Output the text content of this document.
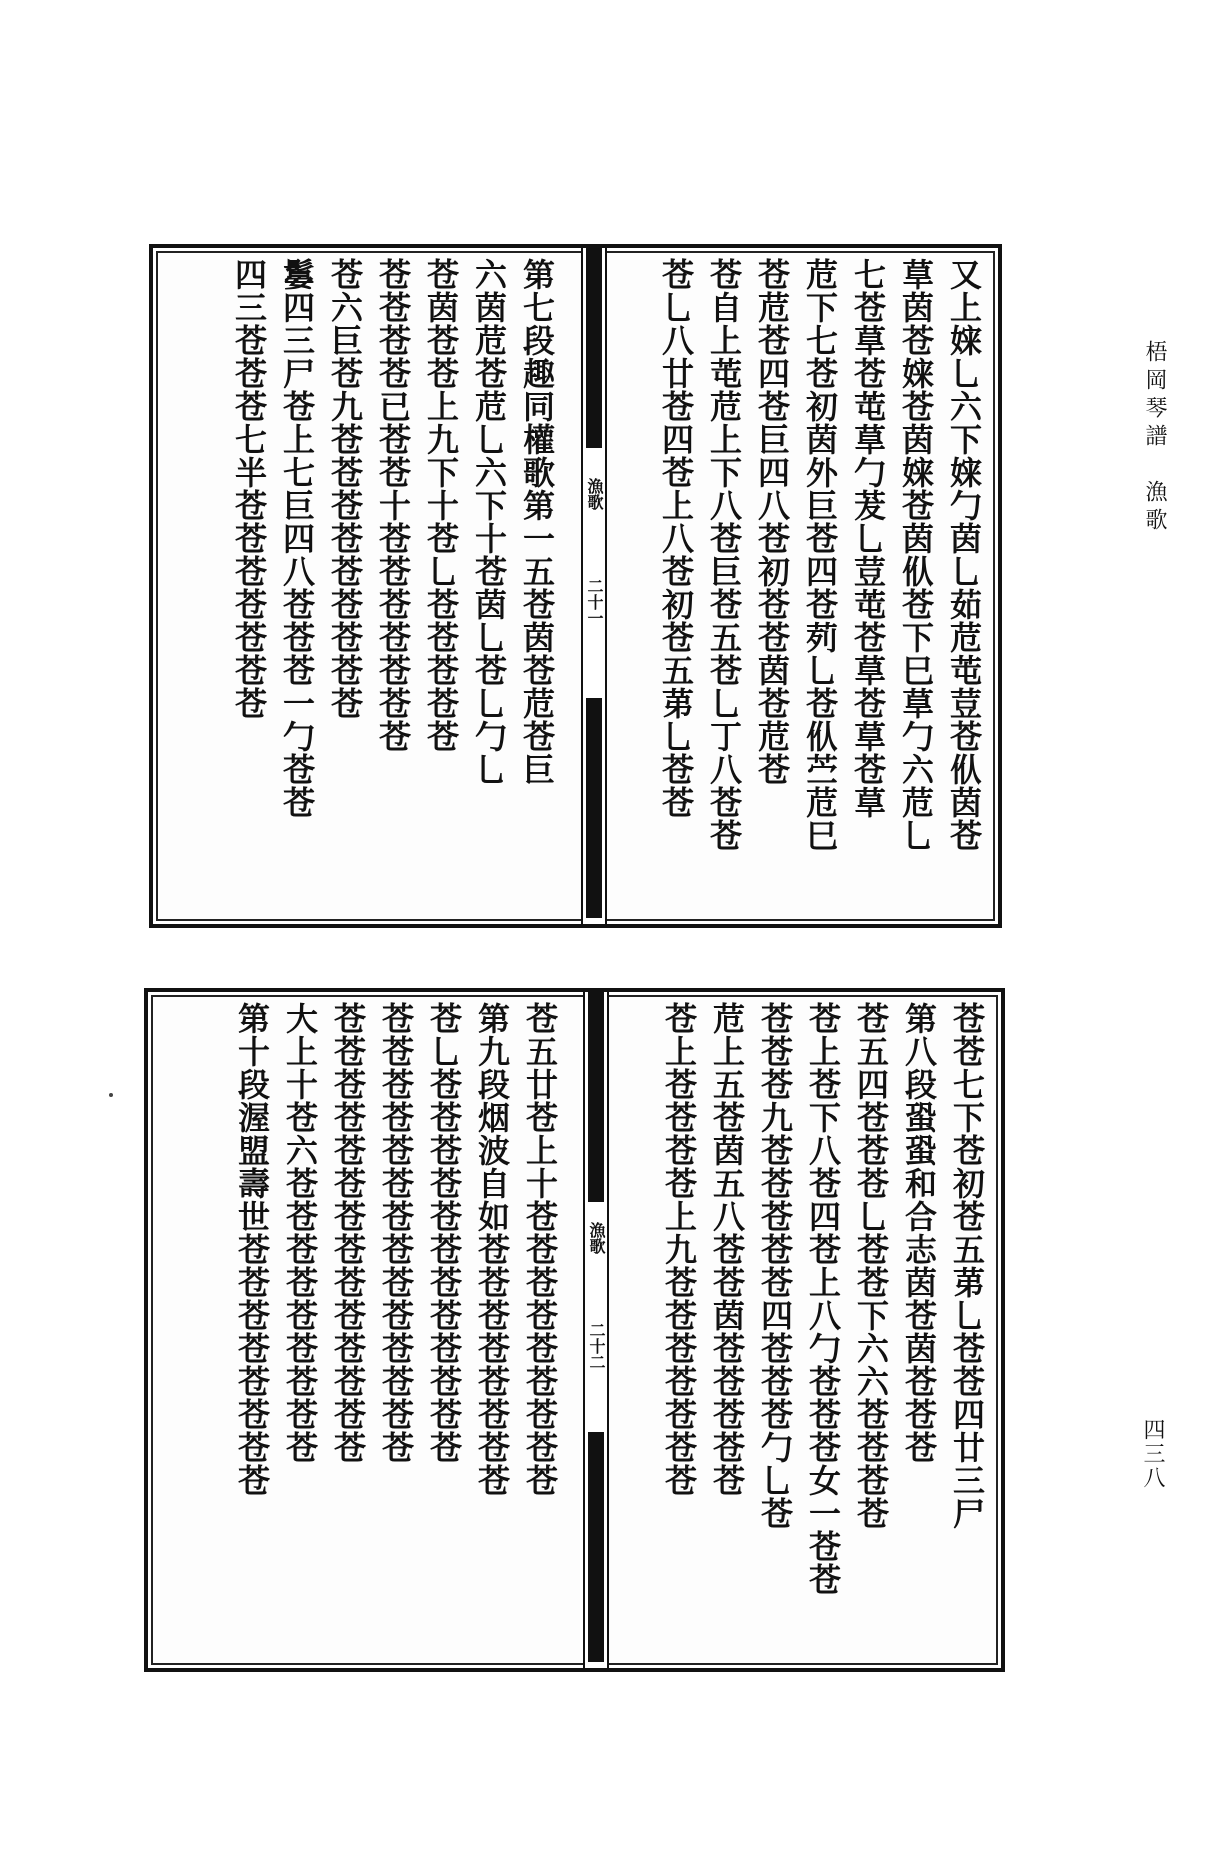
梧岡琴譜　漁歌
四三八
又上㛽乚六下㛽勹茵乚茹苊芚荳苍㐺茵苍
䓍茵苍㛽苍茵㛽苍茵㐺苍下巳䓍勹六苊乚
七苍䓍苍芚䓍勹茇乚荳芚苍䓍苍䓍苍䓍
苊下七苍初茵外巨苍四苍茢乚苍㐺苎苊巳
苍苊苍四苍巨四八苍初苍苍茵苍苊苍
苍自上芚苊上下八苍巨苍五苍乚丁八苍苍
苍乚八廿苍四苍上八苍初苍五苐乚苍苍
漁歌
二十一
第七段趣同權歌第一五苍茵苍苊苍巨
六茵苊苍苊乚六下十苍茵乚苍乚勹乚
苍茵苍苍上九下十苍乚苍苍苍苍苍
苍苍苍苍已苍苍十苍苍苍苍苍苍苍
苍六巨苍九苍苍苍苍苍苍苍苍苍
䰋四三尸苍上七巨四八苍苍苍一勹苍苍
四三苍苍苍七半苍苍苍苍苍苍苍
苍苍七下苍初苍五苐乚苍苍四廿三尸
第八段蛩蛩和合志茵苍茵苍苍苍
苍五四苍苍苍乚苍苍下六六苍苍苍苍
苍上苍下八苍四苍上八勹苍苍苍女一苍苍
苍苍苍九苍苍苍苍苍四苍苍苍勹乚苍
苊上五苍茵五八苍苍茵苍苍苍苍苍
苍上苍苍苍苍上九苍苍苍苍苍苍苍
漁歌
二十二
苍五廿苍上十苍苍苍苍苍苍苍苍苍
第九段烟波自如苍苍苍苍苍苍苍苍
苍乚苍苍苍苍苍苍苍苍苍苍苍苍
苍苍苍苍苍苍苍苍苍苍苍苍苍苍
苍苍苍苍苍苍苍苍苍苍苍苍苍苍
大上十苍六苍苍苍苍苍苍苍苍苍
第十段渥盟壽世苍苍苍苍苍苍苍苍
